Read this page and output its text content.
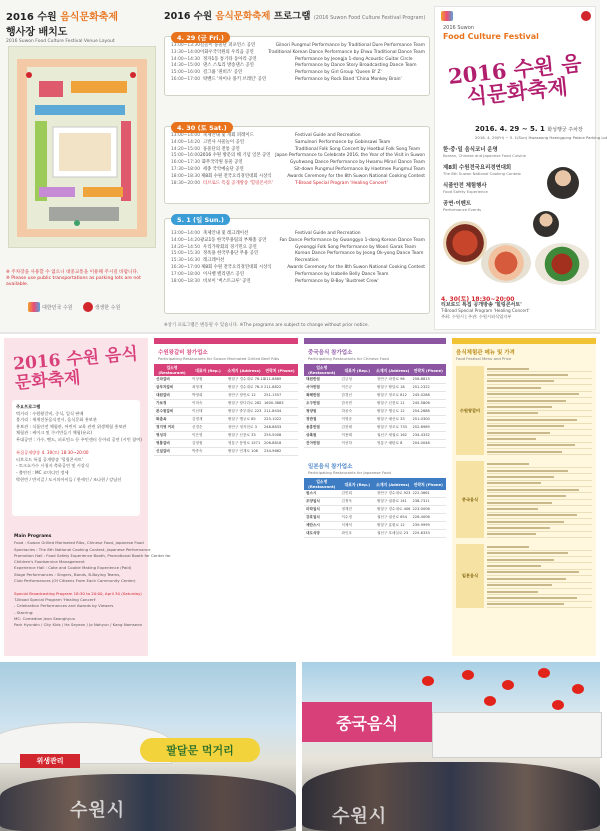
2016 수원 음식문화축제
행사장 배치도
2016 Suwon Food Culture Festival Venue Layout
※ 주차장을 사용할 수 없으니 대중교통을 이용해 주시길 바랍니다.
※ Please use public transportations as parking lots are not available.
대한민국 수원	생생한 수원
2016 수원 음식문화축제 프로그램 (2016 Suwon Food Culture Festival Program)
4. 29 (금 Fri.)
13:00~13:30 길놀이 풍물단 퍼포먼스 공연	Gilnori Pungmul Performance by Traditional Dure Performance Team
13:30~14:00 이화우국악원의 우리음 공연	Traditional Korean Dance Performance by Ehwu Traditional Dance Team
14:00~14:30 정자1동 통기타 동아리 공연	Performance by Jeongja 1-dong Acoustic Guitar Circle
14:30~15:00 댄스 스토리 방송댄스 공연	Performance by Dance Story Broadcasting Dance Team
15:00~16:00 걸그룹 '퀸비즈' 공연	Performance by Girl Group 'Queen B' Z'
16:00~17:00 락밴드 '차이나 몽키 브레인' 공연	Performance by Rock Band 'China Monkey Brain'
4. 30 (토 Sat.)
13:00~14:00 축제안내 및 개회 퍼레이드	Festival Guide and Recreation
14:00~14:20 고빈사 사물놀이 공연	Samulnori Performance by Gobinsawi Team
14:20~15:00 풍물단의 전통 공연	Traditional Folk Song Concert by Hoetbul Folk Song Team
15:00~16:00 2016 수원 방문의 해 기념 일본 공연	Japan Performance to Celebrate 2016, the Year of the Visit in Suwon
16:00~17:30 화무국악원 풍물 공연	Gyuhwang Dance Performance by Hwamu Mirari Dance Team
17:30~18:00 세종 국악예술단 공연	Sit-down Pungmul Performance by Haetmee Pungmul Team
18:00~18:30 제8회 수원 전국요리경연대회 시상식	Awards Ceremony for the 8th Suwon National Cooking Contest
18:30~20:00 티브로드 특집 공개방송 '힐링콘서트'	T-Broad Special Program 'Healing Concert'
5. 1 (일 Sun.)
13:00~14:00 축제안내 및 레크레이션	Festival Guide and Recreation
14:00~14:20 광교1동 한국무용팀의 부채춤 공연	Fan Dance Performance by Gwanggyo 1-dong Korean Dance Team
14:20~14:50 우리가락회의 경기민요 공연	Gyeonggi Folk Song Performance by Woori Garak Team
15:00~15:30 정옥용 한국무용단 무용 공연	Korean Dance Performance by Jeong Ok-yong Dance Team
15:30~16:30 레크레이션	Recreation
16:30~17:00 제8회 수원 전국요리경연대회 시상식	Awards Ceremony for the 8th Suwon National Cooking Contest
17:00~18:00 이사벨 밸리댄스 공연	Performance by Isabelle Belly Dance Team
18:00~18:30 비보이 '버스트크루' 공연	Performance by B-Boy 'Bustreet Crew'
※상기 프로그램은 변동될 수 있습니다. ※The programs are subject to change without prior notice.
2016 Suwon
Food Culture Festival
2016 수원 음식문화축제
2016. 4. 29 ~ 5. 1 화성행궁 주차장
2016. 4. 29(Fri) ~ 5. 1(Sun) Hwaseong Haenggung Palace Parking Lot
한·중·일 음식코너 운영
Korean, Chinese and Japanese Food Cuisine
제8회 수원전국요리경연대회
The 8th Suwon National Cooking Contest
식품안전 체험행사
Food Safety Experience
공연·이벤트
Performance Events
4. 30(토) 18:30~20:00
티브로드 특집 공개방송 '힐링콘서트'
T-Broad Special Program 'Healing Concert'
주최: 수원시 | 주관: 수원시외식업지부
2016 수원 음식문화축제
주요프로그램
먹거리 : 수원왕갈비, 중식, 일식 판매
볼거리 : 세계전통음식전시, 음식문화 홍보관
홍보관 : 식품안전 체험관, 어린이 교육 관련 위생체험 홍보관
체험관 : 케이크 및 쿠키만들기 체험(유료)
무대공연 : 가수, 밴드, 퍼포먼스 등 주민센터 동아리 공연 (시민 참여)

특집공개방송 4. 30(토) 18:30~20:00
티브로드 특집 공개방송 '힐링콘서트'
- 토크쇼가수 시청자 축하공연 및 시상식
- 출연진 : MC 코미디언 정세
박현빈 / 반지걸 / 도시의아이들 / 한세인 / 조나현 / 강남선
Main Programs
Food : Suwon Grilled Marinated Ribs, Chinese Food, Japanese Food
Spectacles : The 8th National Cooking Contest, Japanese Performance
Promotion Hall : Food Safety Experience Booth, Promotional Booth for Center for
Children's Foodservice Management
Experience Hall : Cake and Cookie Making Experience (Paid)
Stage Performances : Singers, Bands, B-Boying Teams,
Club Performances (Of Citizens From Each Community Center)

Special Broadcasting Program 18:30 to 20:00, April 30 (Saturday)
T-Broad Special Program 'Healing Concert'
- Celebration Performances and Awards by Viewers
- Starring:
MC: Comedian Jeon Seonghyun
Park Hyunbin / City Kids / Ha Seyeon / Jo Nahyun / Kang Namseon
수원왕갈비 참가업소
Participating Restaurants for Suwon Marinated Grilled Beef Ribs
업소명 (Restaurant)	대표자 (Rep.)	소재지 (Address)	연락처 (Phone)
신라갈비	이상철	팔달구 경수대로 76-10	211-8889
삼부자갈비	최영재	팔달구 경수대로 76-3	211-8822
대원갈비	박영희	장안구 장안로 12	251-1557
가보정	이미숙	팔달구 장다리로 282	1600-3883
본수원갈비	이신태	팔달구 중부대로 223	211-8434
화춘옥	김영재	팔달구 행궁로 85	225-1022
정지영 커피	신경순	장안구 정자천로 3	248-8833
영성각	이은영	팔달구 신풍로 33	255-5008
영통갈비	김영철	영통구 봉영로 1571	206-8818
신일갈비	박종숙	팔달구 인계로 108	234-9662
중국음식 참가업소
Participating Restaurants for Chinese Food
업소명 (Restaurant)	대표자 (Rep.)	소재지 (Address)	연락처 (Phone)
태원반점	김금성	장안구 파장로 96	256-8815
서아반점	이은규	팔달구 팔달로 18	251-2322
복해반점	한경선	팔달구 정조로 812	245-0288
오구반점	한욱빈	팔달구 신풍로 11	245-5806
청양원	하윤숙	팔달구 행궁로 12	254-2888
정반점	이영준	팔달구 매산로 33	251-0300
용흥반점	김찬태	팔달구 정조로 733	252-8989
상록원	이용태	권선구 세권로 162	234-4332
진아반점	이선하	영통구 매탄로 8	204-0048
일본음식 참가업소
Participating Restaurants for Japanese Food
업소명 (Restaurant)	대표자 (Rep.)	소재지 (Address)	연락처 (Phone)
원스시	김민희	장안구 경수대로 923	222-3661
조양일식	김정욱	팔달구 권광로 141	238-7311
미락일식	정계진	팔달구 경수대로 406	223-0006
강호일식	이수정	권선구 권선로 654	226-4006
세란스시	석채석	팔달구 효원로 12	239-9999
대도식당	곽인호	권선구 호매실로 23	225-8333
음식체험관 메뉴 및 가격
Food Festival Menu and Price
수원왕갈비
중국음식
일본음식
팔달문 먹거리
위생관리
수원시
중국음식
수원시
